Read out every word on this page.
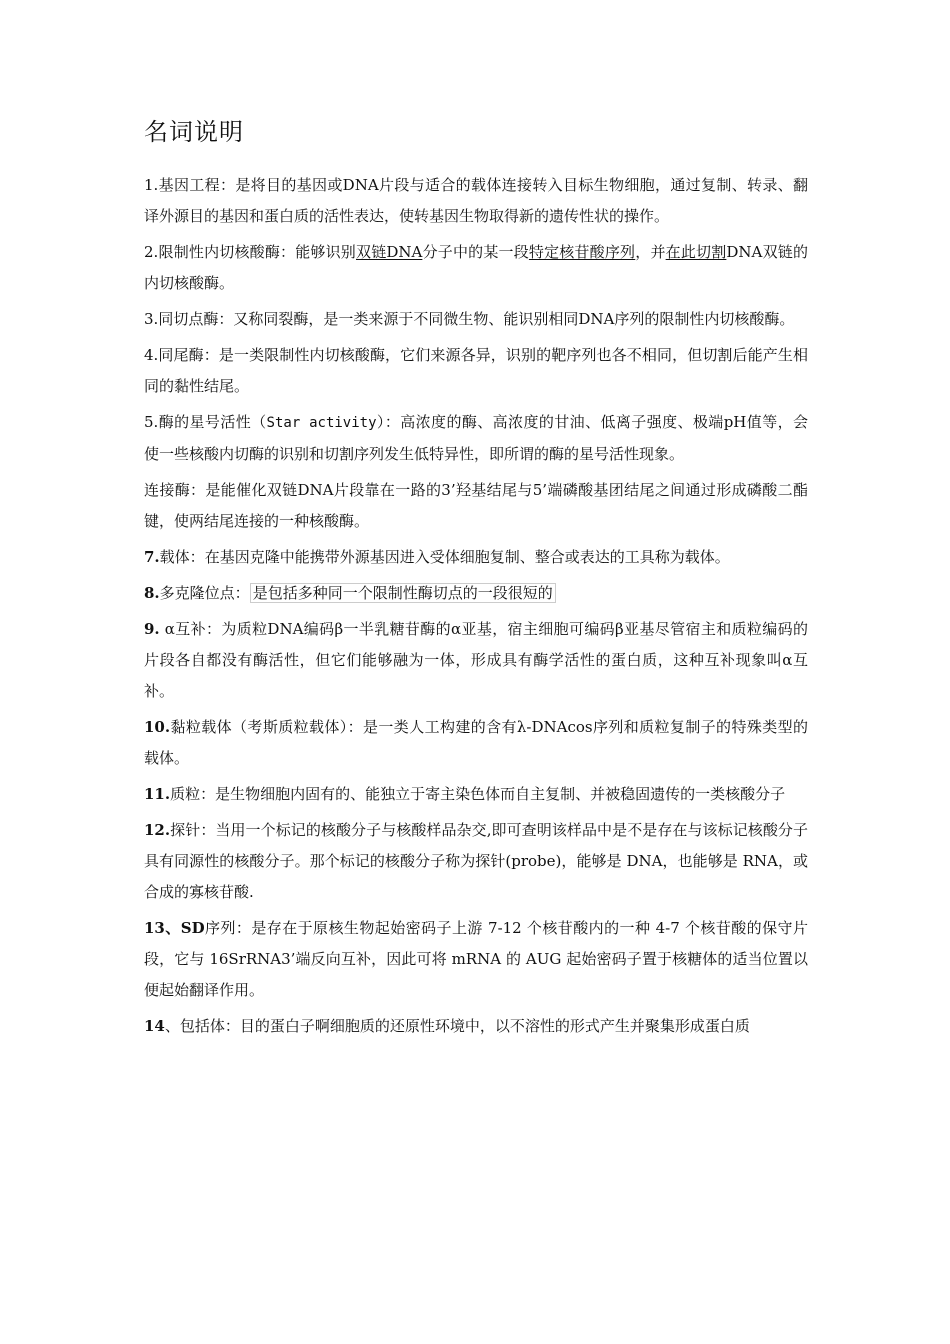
名词说明

1.基因工程：是将目的基因或DNA片段与适合的载体连接转入目标生物细胞，通过复制、转录、翻译外源目的基因和蛋白质的活性表达，使转基因生物取得新的遗传性状的操作。

2.限制性内切核酸酶：能够识别双链DNA分子中的某一段特定核苷酸序列，并在此切割DNA双链的内切核酸酶。

3.同切点酶：又称同裂酶，是一类来源于不同微生物、能识别相同DNA序列的限制性内切核酸酶。

4.同尾酶：是一类限制性内切核酸酶，它们来源各异，识别的靶序列也各不相同，但切割后能产生相同的黏性结尾。

5.酶的星号活性（Star activity）：高浓度的酶、高浓度的甘油、低离子强度、极端pH值等，会使一些核酸内切酶的识别和切割序列发生低特异性，即所谓的酶的星号活性现象。

连接酶：是能催化双链DNA片段靠在一路的3’羟基结尾与5’端磷酸基团结尾之间通过形成磷酸二酯键，使两结尾连接的一种核酸酶。

7.载体：在基因克隆中能携带外源基因进入受体细胞复制、整合或表达的工具称为载体。

8.多克隆位点： 是包括多种同一个限制性酶切点的一段很短的

9. α互补：为质粒DNA编码β一半乳糖苷酶的α亚基，宿主细胞可编码β亚基尽管宿主和质粒编码的片段各自都没有酶活性，但它们能够融为一体，形成具有酶学活性的蛋白质，这种互补现象叫α互补。

10.黏粒载体（考斯质粒载体）：是一类人工构建的含有λ-DNAcos序列和质粒复制子的特殊类型的载体。

11.质粒：是生物细胞内固有的、能独立于寄主染色体而自主复制、并被稳固遗传的一类核酸分子

12.探针：当用一个标记的核酸分子与核酸样品杂交,即可查明该样品中是不是存在与该标记核酸分子具有同源性的核酸分子。那个标记的核酸分子称为探针(probe)，能够是 DNA，也能够是 RNA，或合成的寡核苷酸.

13、SD序列：是存在于原核生物起始密码子上游 7-12 个核苷酸内的一种 4-7 个核苷酸的保守片段，它与 16SrRNA3’端反向互补，因此可将 mRNA 的 AUG 起始密码子置于核糖体的适当位置以便起始翻译作用。

14、包括体：目的蛋白子啊细胞质的还原性环境中，以不溶性的形式产生并聚集形成蛋白质
